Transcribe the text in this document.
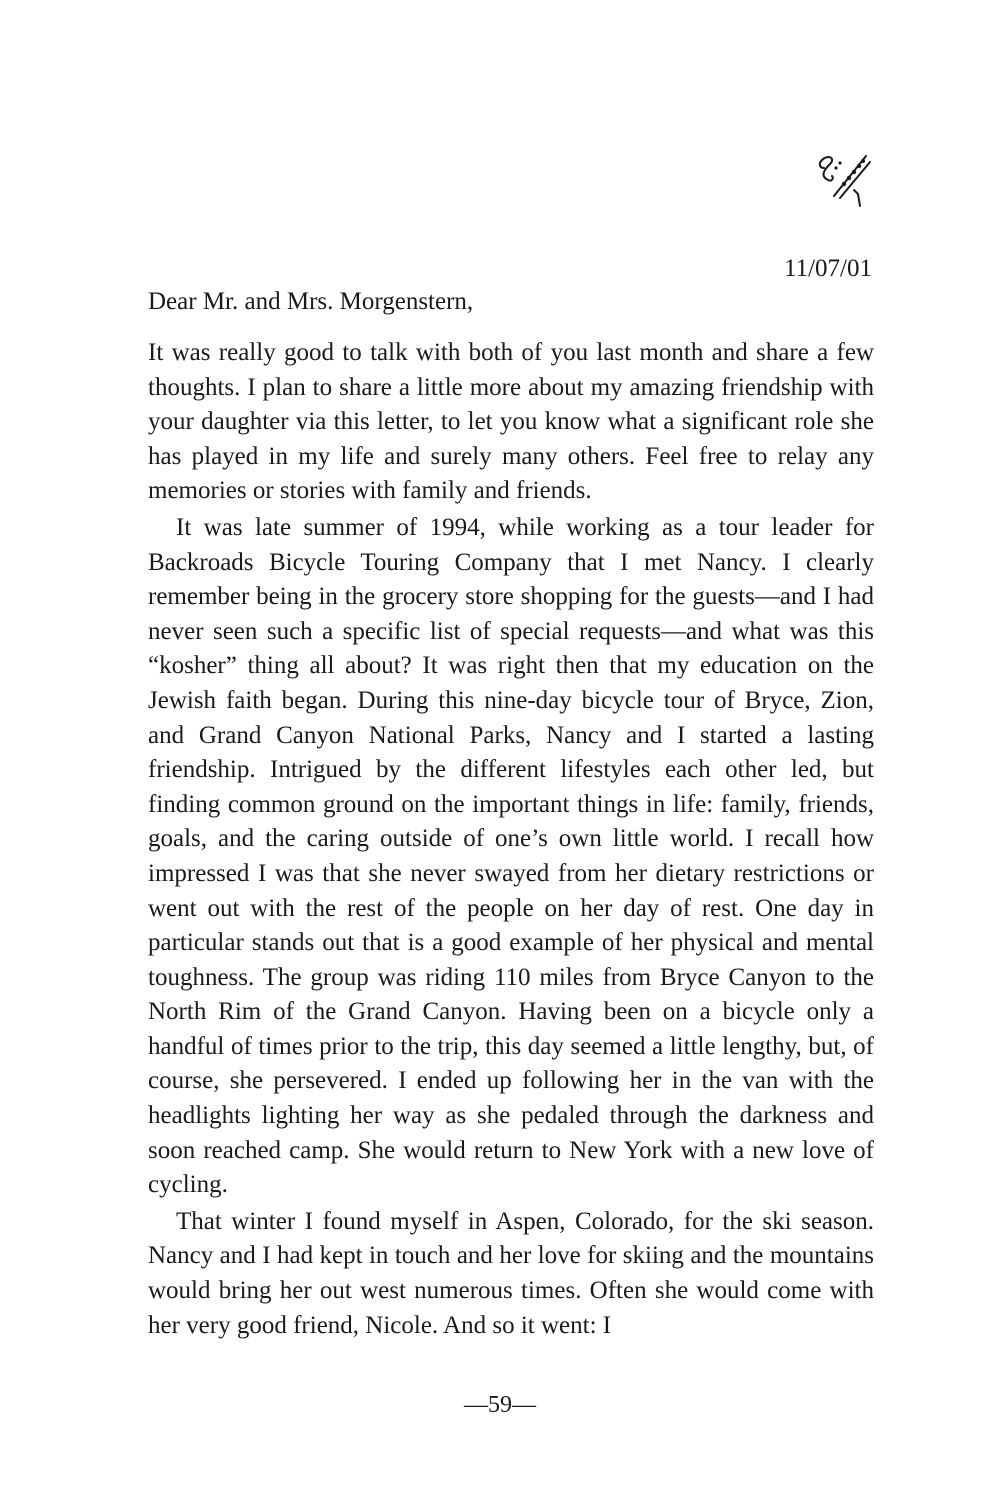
11/07/01
Dear Mr. and Mrs. Morgenstern,

It was really good to talk with both of you last month and share a few thoughts. I plan to share a little more about my amazing friendship with your daughter via this letter, to let you know what a significant role she has played in my life and surely many others. Feel free to relay any memories or stories with family and friends.

It was late summer of 1994, while working as a tour leader for Backroads Bicycle Touring Company that I met Nancy. I clearly remember being in the grocery store shopping for the guests—and I had never seen such a specific list of special requests—and what was this “kosher” thing all about? It was right then that my education on the Jewish faith began. During this nine-day bicycle tour of Bryce, Zion, and Grand Canyon National Parks, Nancy and I started a lasting friendship. Intrigued by the different lifestyles each other led, but finding common ground on the important things in life: family, friends, goals, and the caring outside of one’s own little world. I recall how impressed I was that she never swayed from her dietary restrictions or went out with the rest of the people on her day of rest. One day in particular stands out that is a good example of her physical and mental toughness. The group was riding 110 miles from Bryce Canyon to the North Rim of the Grand Canyon. Having been on a bicycle only a handful of times prior to the trip, this day seemed a little lengthy, but, of course, she persevered. I ended up following her in the van with the headlights lighting her way as she pedaled through the darkness and soon reached camp. She would return to New York with a new love of cycling.

That winter I found myself in Aspen, Colorado, for the ski season. Nancy and I had kept in touch and her love for skiing and the mountains would bring her out west numerous times. Often she would come with her very good friend, Nicole. And so it went: I

—59—
